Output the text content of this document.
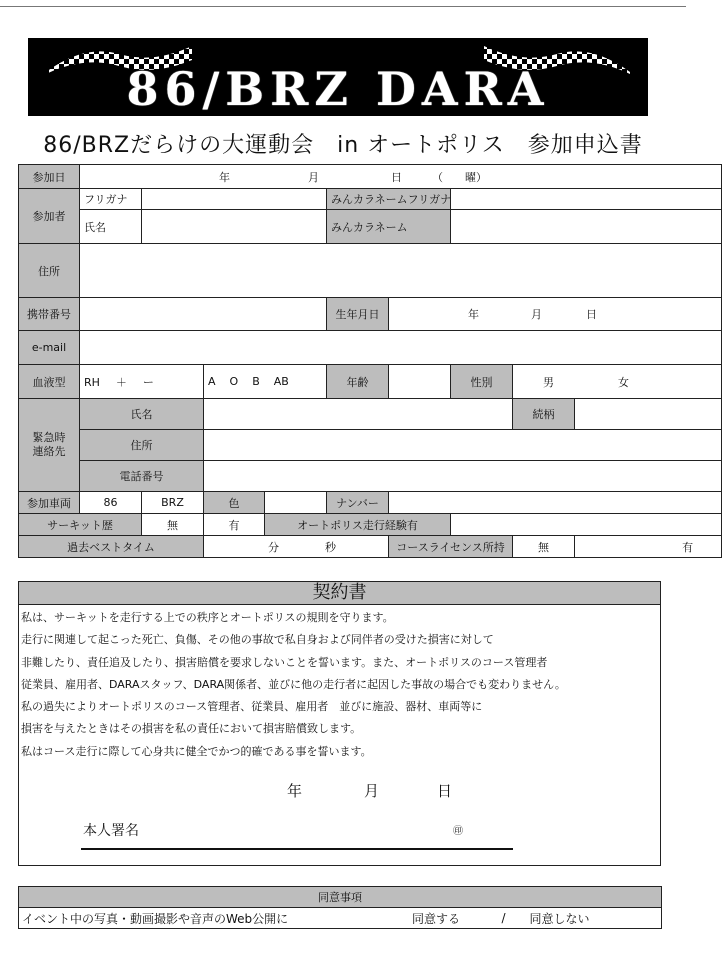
86/BRZ DARA
86/BRZだらけの大運動会　in オートポリス　参加申込書
参加日	年 月 日 （　　曜）								
参加者	フリガナ				みんカラネームフリガナ				
	氏名				みんカラネーム				
住所									
携帯番号					生年月日	年 月 日			
e-mail									
血液型	RH ＋ ー		A O B AB		年齢		性別	男 女	
緊急時
連絡先	氏名							続柄	
	住所								
	電話番号								
参加車両	86	BRZ	色		ナンバー				
サーキット歴		無	有	オートポリス走行経験有					
過去ベストタイム			分 秒			コースライセンス所持		無	有
契約書
私は、サーキットを走行する上での秩序とオートポリスの規則を守ります。
走行に関連して起こった死亡、負傷、その他の事故で私自身および同伴者の受けた損害に対して
非難したり、責任追及したり、損害賠償を要求しないことを誓います。また、オートポリスのコース管理者
従業員、雇用者、DARAスタッフ、DARA関係者、並びに他の走行者に起因した事故の場合でも変わりません。
私の過失によりオートポリスのコース管理者、従業員、雇用者　並びに施設、器材、車両等に
損害を与えたときはその損害を私の責任において損害賠償致します。
私はコース走行に際して心身共に健全でかつ的確である事を誓います。
年	月	日
本人署名	㊞
同意事項
イベント中の写真・動画撮影や音声のWeb公開に	同意する	/	同意しない
